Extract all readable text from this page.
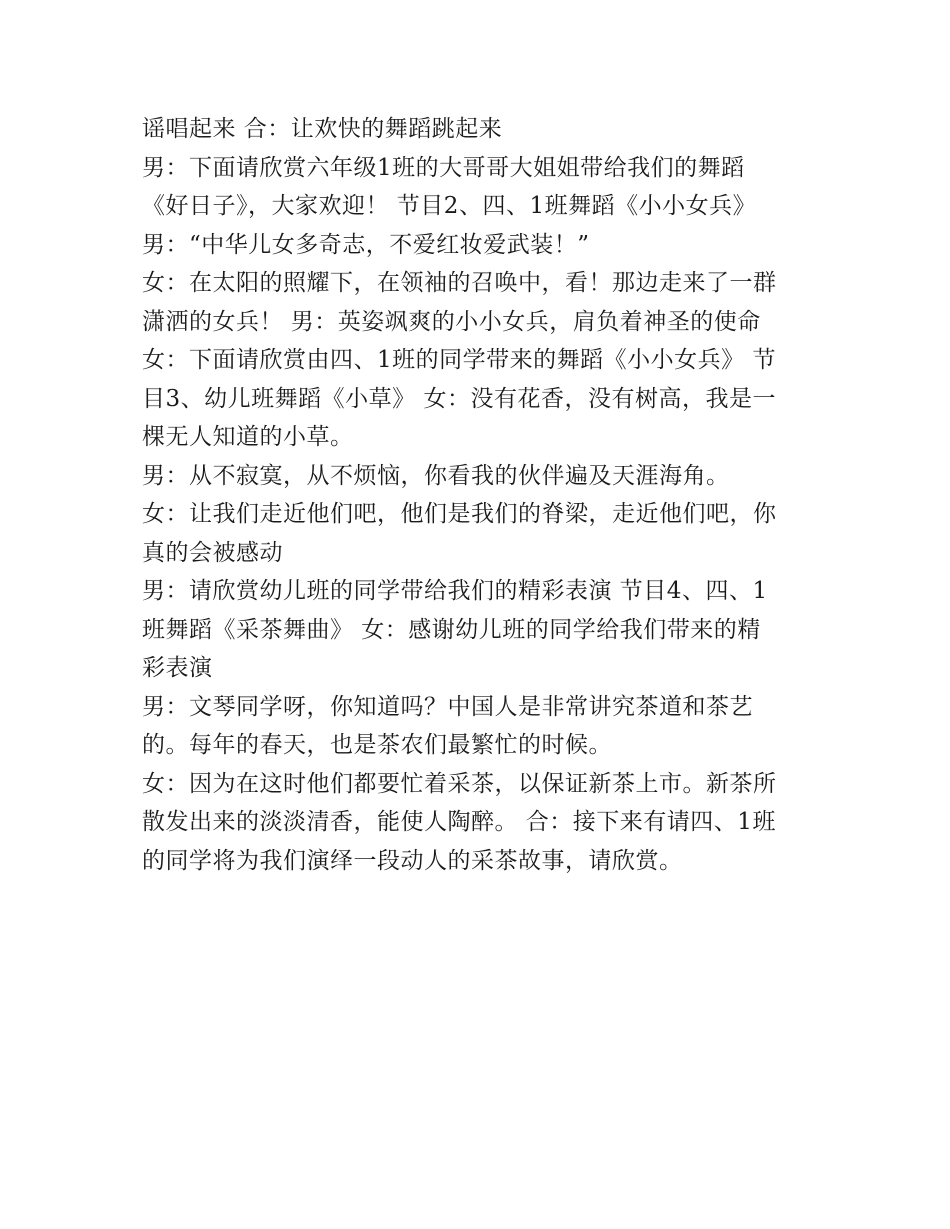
谣唱起来 合：让欢快的舞蹈跳起来
男：下面请欣赏六年级1班的大哥哥大姐姐带给我们的舞蹈
《好日子》，大家欢迎！ 节目2、四、1班舞蹈《小小女兵》
男：“中华儿女多奇志，不爱红妆爱武装！”
女：在太阳的照耀下，在领袖的召唤中，看！那边走来了一群
潇洒的女兵！ 男：英姿飒爽的小小女兵，肩负着神圣的使命
女：下面请欣赏由四、1班的同学带来的舞蹈《小小女兵》 节
目3、幼儿班舞蹈《小草》 女：没有花香，没有树高，我是一
棵无人知道的小草。
男：从不寂寞，从不烦恼，你看我的伙伴遍及天涯海角。
女：让我们走近他们吧，他们是我们的脊梁，走近他们吧，你
真的会被感动
男：请欣赏幼儿班的同学带给我们的精彩表演 节目4、四、1
班舞蹈《采茶舞曲》 女：感谢幼儿班的同学给我们带来的精
彩表演
男：文琴同学呀，你知道吗？中国人是非常讲究茶道和茶艺
的。每年的春天，也是茶农们最繁忙的时候。
女：因为在这时他们都要忙着采茶，以保证新茶上市。新茶所
散发出来的淡淡清香，能使人陶醉。 合：接下来有请四、1班
的同学将为我们演绎一段动人的采茶故事，请欣赏。
